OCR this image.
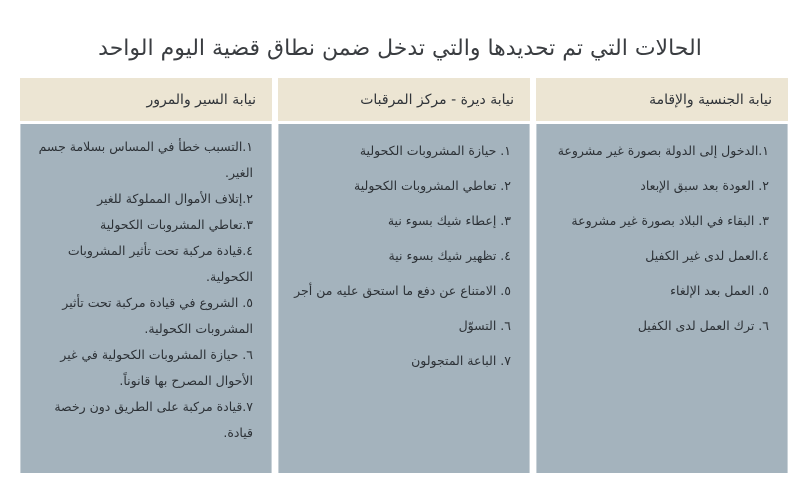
الحالات التي تم تحديدها والتي تدخل ضمن نطاق قضية اليوم الواحد
نيابة الجنسية والإقامة
١.الدخول إلى الدولة بصورة غير مشروعة
٢. العودة بعد سبق الإبعاد
٣. البقاء في البلاد بصورة غير مشروعة
٤.العمل لدى غير الكفيل
٥. العمل بعد الإلغاء
٦. ترك العمل لدى الكفيل
نيابة ديرة - مركز المرقبات
١. حيازة المشروبات الكحولية
٢. تعاطي المشروبات الكحولية
٣. إعطاء شيك بسوء نية
٤. تظهير شيك بسوء نية
٥. الامتناع عن دفع ما استحق عليه من أجر
٦. التسوّل
٧. الباعة المتجولون
نيابة السير والمرور
١.التسبب خطأ في المساس بسلامة جسم الغير.
٢.إتلاف الأموال المملوكة للغير
٣.تعاطي المشروبات الكحولية
٤.قيادة مركبة تحت تأثير المشروبات الكحولية.
٥. الشروع في قيادة مركبة تحت تأثير المشروبات الكحولية.
٦. حيازة المشروبات الكحولية في غير الأحوال المصرح بها قانوناً.
٧.قيادة مركبة على الطريق دون رخصة قيادة.
